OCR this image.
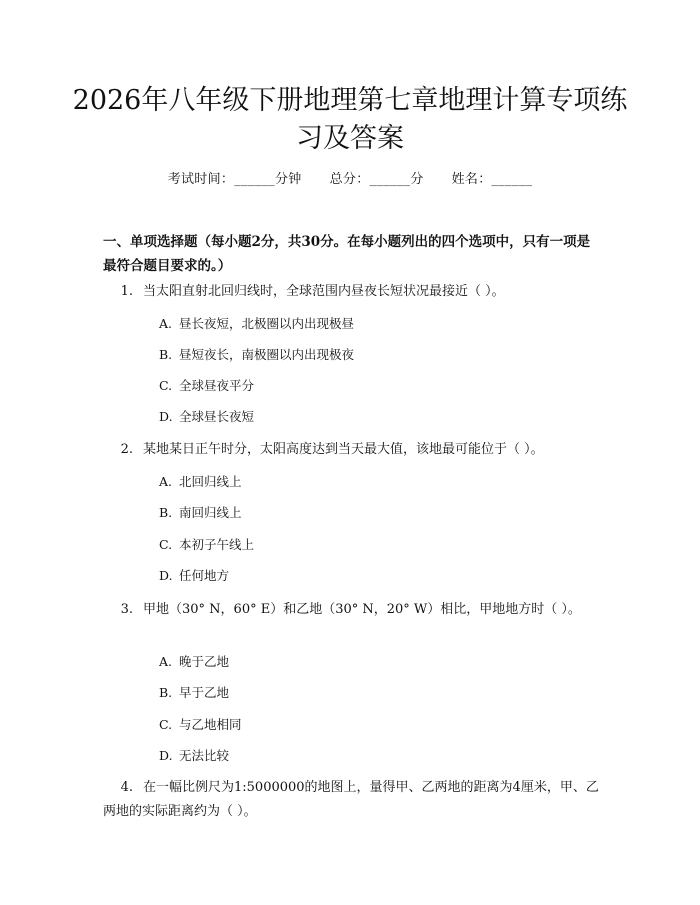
2026年八年级下册地理第七章地理计算专项练习及答案
考试时间：______分钟 总分：______分 姓名：______
一、单项选择题（每小题2分，共30分。在每小题列出的四个选项中，只有一项是最符合题目要求的。）
1. 当太阳直射北回归线时，全球范围内昼夜长短状况最接近（ ）。
A. 昼长夜短，北极圈以内出现极昼
B. 昼短夜长，南极圈以内出现极夜
C. 全球昼夜平分
D. 全球昼长夜短
2. 某地某日正午时分，太阳高度达到当天最大值，该地最可能位于（ ）。
A. 北回归线上
B. 南回归线上
C. 本初子午线上
D. 任何地方
3. 甲地（30° N，60° E）和乙地（30° N，20° W）相比，甲地地方时（ ）。
A. 晚于乙地
B. 早于乙地
C. 与乙地相同
D. 无法比较
4. 在一幅比例尺为1:5000000的地图上，量得甲、乙两地的距离为4厘米，甲、乙两地的实际距离约为（ ）。
